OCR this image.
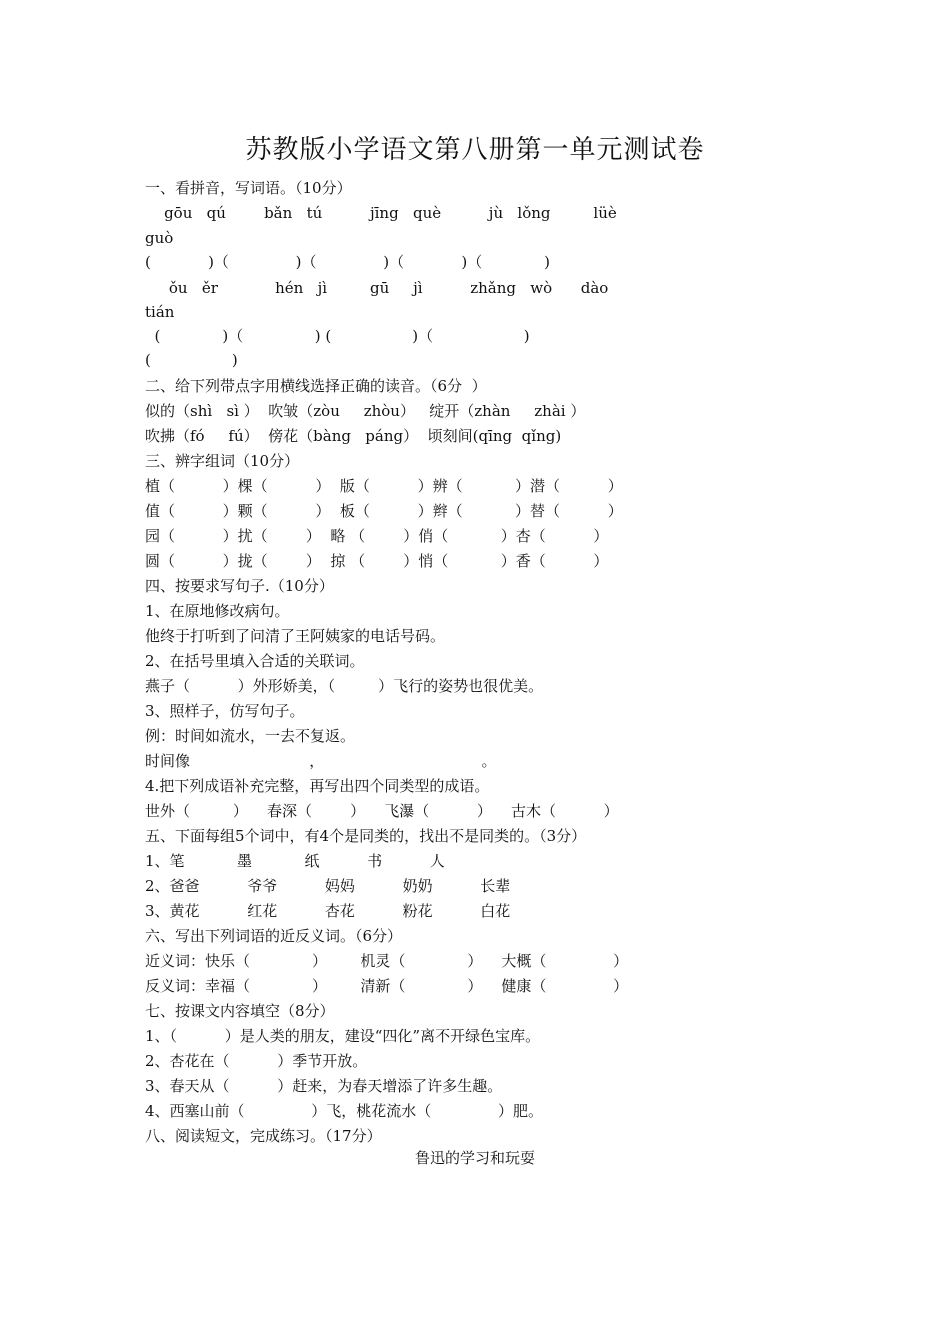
苏教版小学语文第八册第一单元测试卷
一、看拼音，写词语。（10分）
gōu   qú        bǎn   tú          jīng   què          jù   lǒng         lüè
guò
(            )（              )（              )（            )（             )
ǒu   ěr            hén   jì         gū     jì          zhǎng   wò      dào
tián
(             )（               ) (                 )（                   )
(                 )
二、给下列带点字用横线选择正确的读音。（6分  ）
似的（shì   sì ）  吹皱（zòu     zhòu）   绽开（zhàn     zhài ）
吹拂（fó     fú）  傍花（bàng   páng）  顷刻间(qīng  qǐng)
三、辨字组词（10分）
植（          ）棵（          ）  版（          ）辨（           ）潜（          ）
值（          ）颗（          ）  板（          ）辫（           ）替（          ）
园（          ）扰（        ）  略 （        ）俏（           ）杏（          ）
圆（          ）拢（        ）  掠 （        ）悄（           ）香（          ）
四、按要求写句子.（10分）
1、在原地修改病句。
他终于打听到了问清了王阿姨家的电话号码。
2、在括号里填入合适的关联词。
燕子（          ）外形娇美，（         ）飞行的姿势也很优美。
3、照样子，仿写句子。
例：时间如流水，一去不复返。
时间像                         ，                                 。
4.把下列成语补充完整，再写出四个同类型的成语。
世外（         ）    春深（        ）    飞瀑（          ）    古木（          ）
五、下面每组5个词中，有4个是同类的，找出不是同类的。（3分）
1、笔           墨           纸          书          人
2、爸爸          爷爷          妈妈          奶奶          长辈
3、黄花          红花          杏花          粉花          白花
六、写出下列词语的近反义词。（6分）
近义词：快乐（             ）       机灵（             ）    大概（              ）
反义词：幸福（             ）       清新（             ）    健康（              ）
七、按课文内容填空（8分）
1、（          ）是人类的朋友，建设“四化”离不开绿色宝库。
2、杏花在（          ）季节开放。
3、春天从（          ）赶来，为春天增添了许多生趣。
4、西塞山前（              ）飞，桃花流水（              ）肥。
八、阅读短文，完成练习。（17分）
鲁迅的学习和玩耍
